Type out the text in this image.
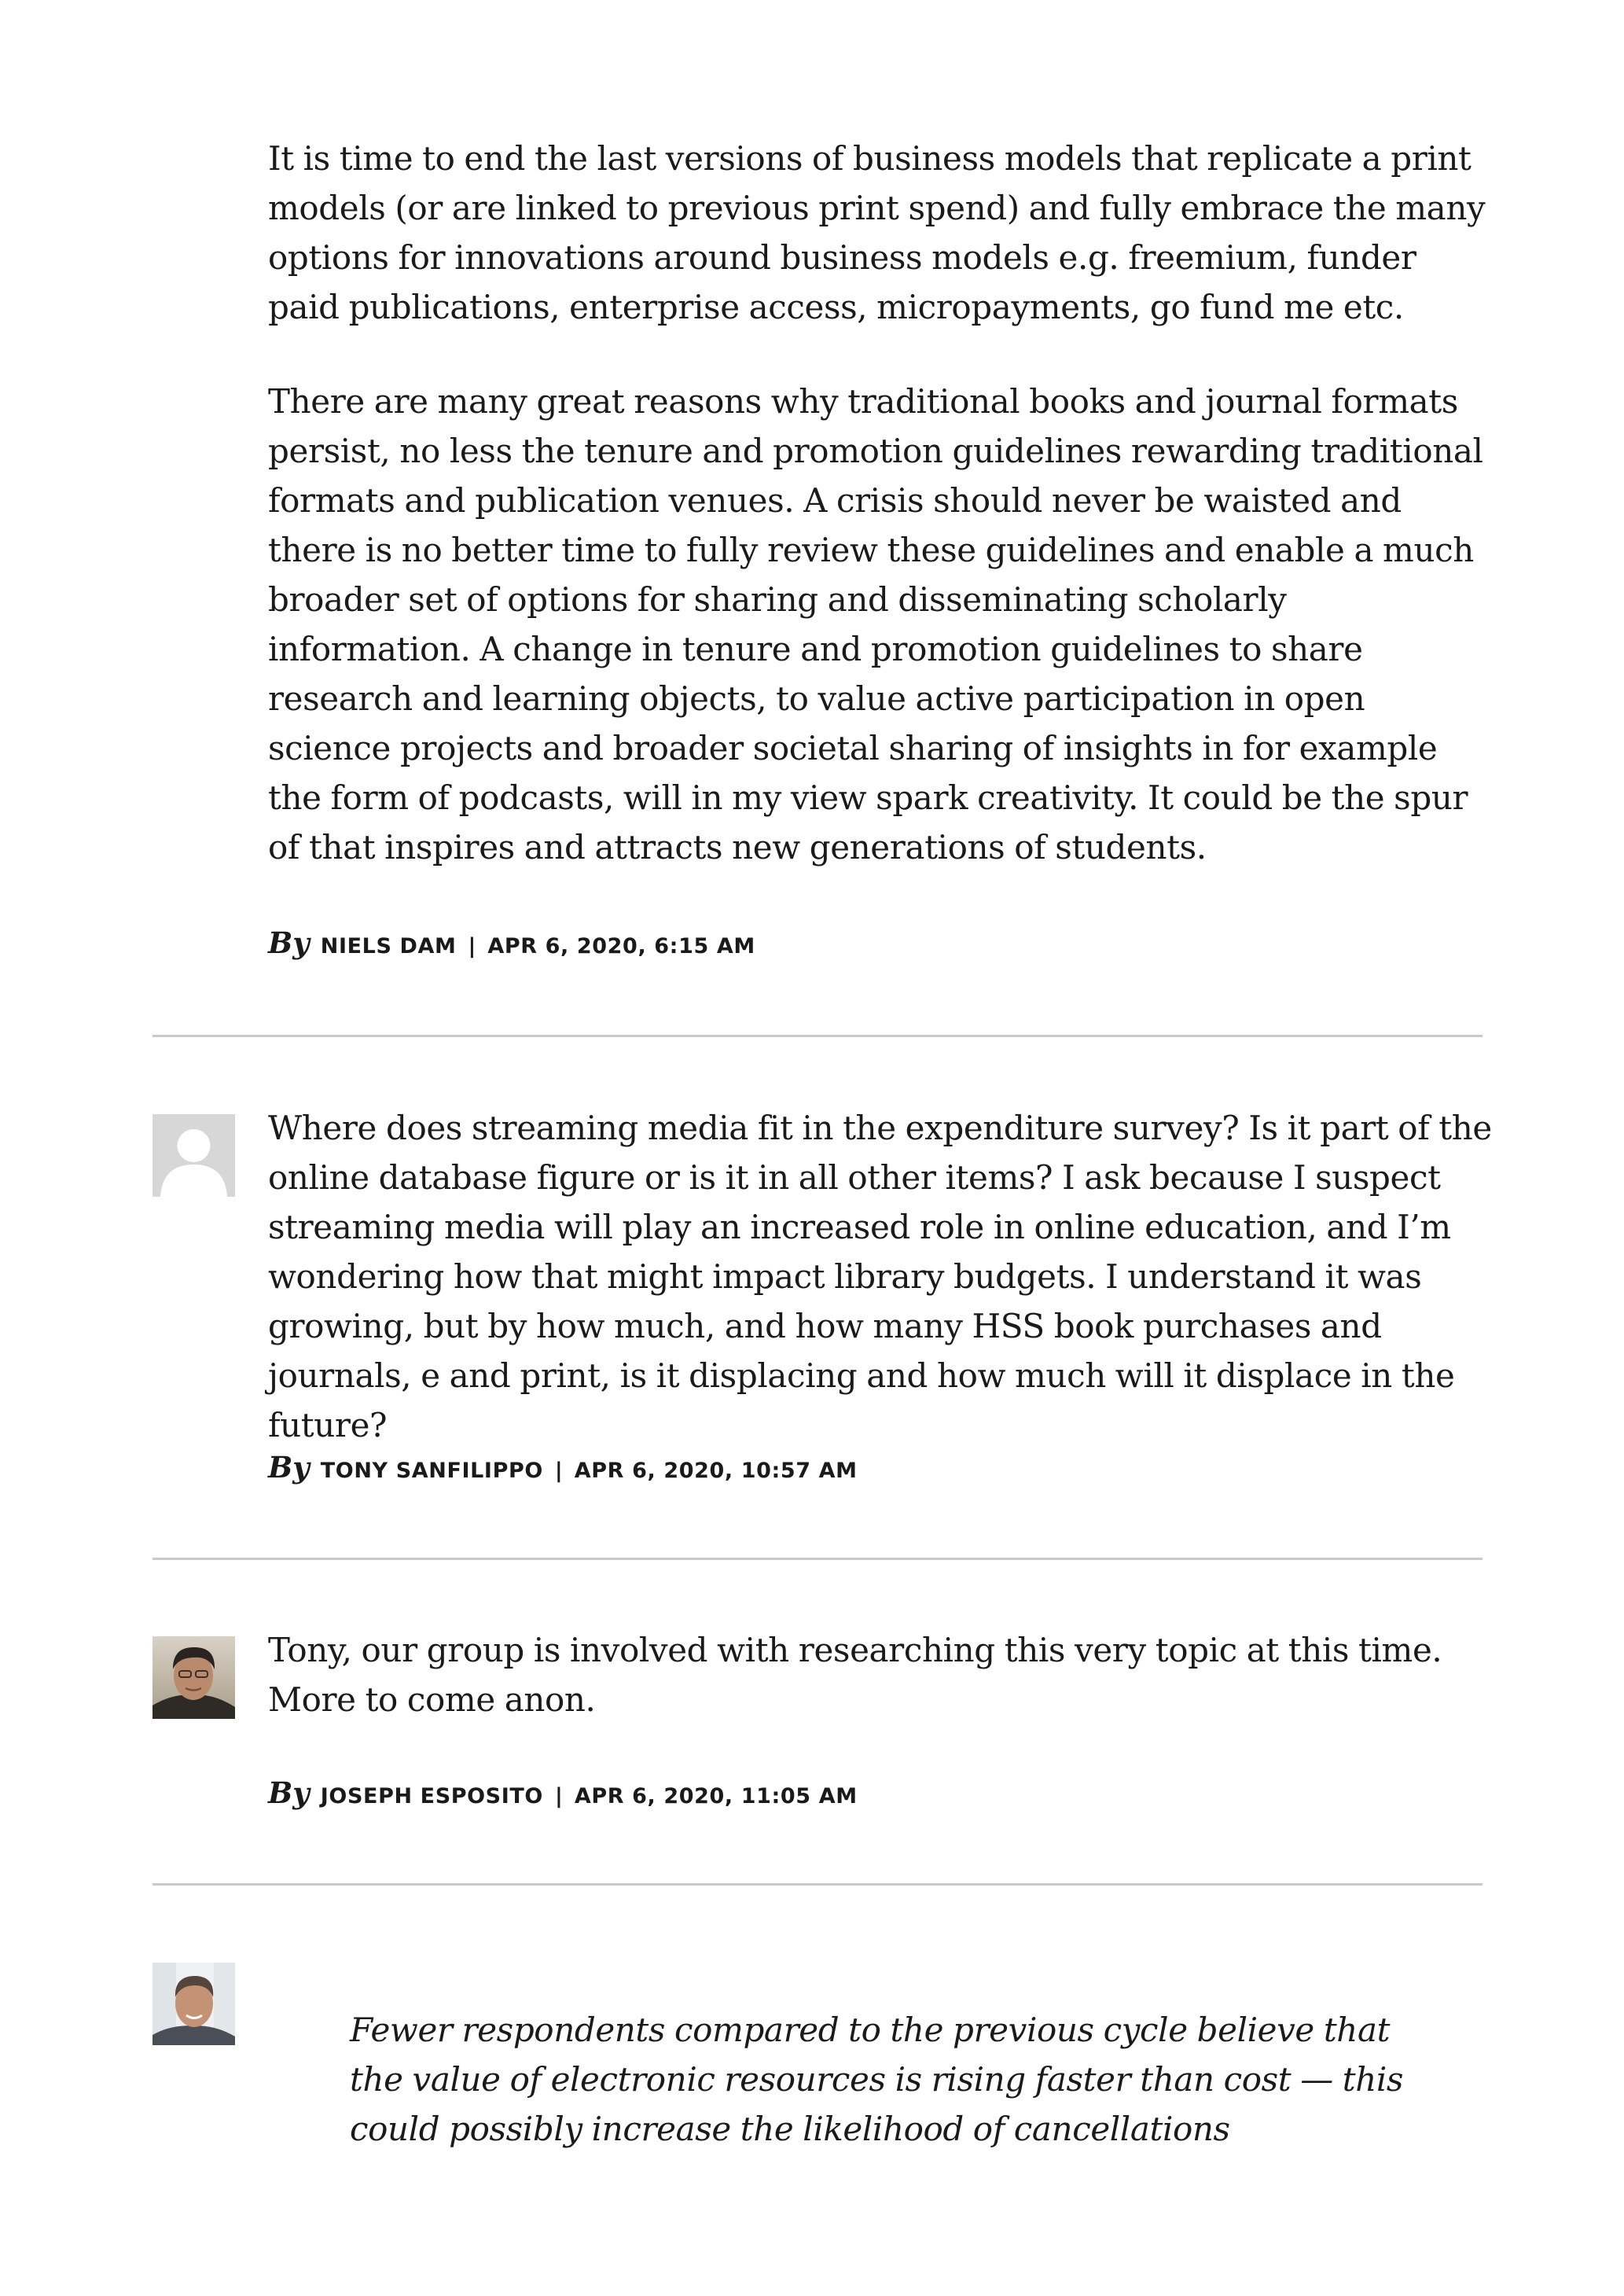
It is time to end the last versions of business models that replicate a print models (or are linked to previous print spend) and fully embrace the many options for innovations around business models e.g. freemium, funder paid publications, enterprise access, micropayments, go fund me etc.

There are many great reasons why traditional books and journal formats persist, no less the tenure and promotion guidelines rewarding traditional formats and publication venues. A crisis should never be waisted and there is no better time to fully review these guidelines and enable a much broader set of options for sharing and disseminating scholarly information. A change in tenure and promotion guidelines to share research and learning objects, to value active participation in open science projects and broader societal sharing of insights in for example the form of podcasts, will in my view spark creativity. It could be the spur of that inspires and attracts new generations of students.

By NIELS DAM | APR 6, 2020, 6:15 AM

Where does streaming media fit in the expenditure survey? Is it part of the online database figure or is it in all other items? I ask because I suspect streaming media will play an increased role in online education, and I’m wondering how that might impact library budgets. I understand it was growing, but by how much, and how many HSS book purchases and journals, e and print, is it displacing and how much will it displace in the future?

By TONY SANFILIPPO | APR 6, 2020, 10:57 AM

Tony, our group is involved with researching this very topic at this time. More to come anon.

By JOSEPH ESPOSITO | APR 6, 2020, 11:05 AM

Fewer respondents compared to the previous cycle believe that the value of electronic resources is rising faster than cost — this could possibly increase the likelihood of cancellations
